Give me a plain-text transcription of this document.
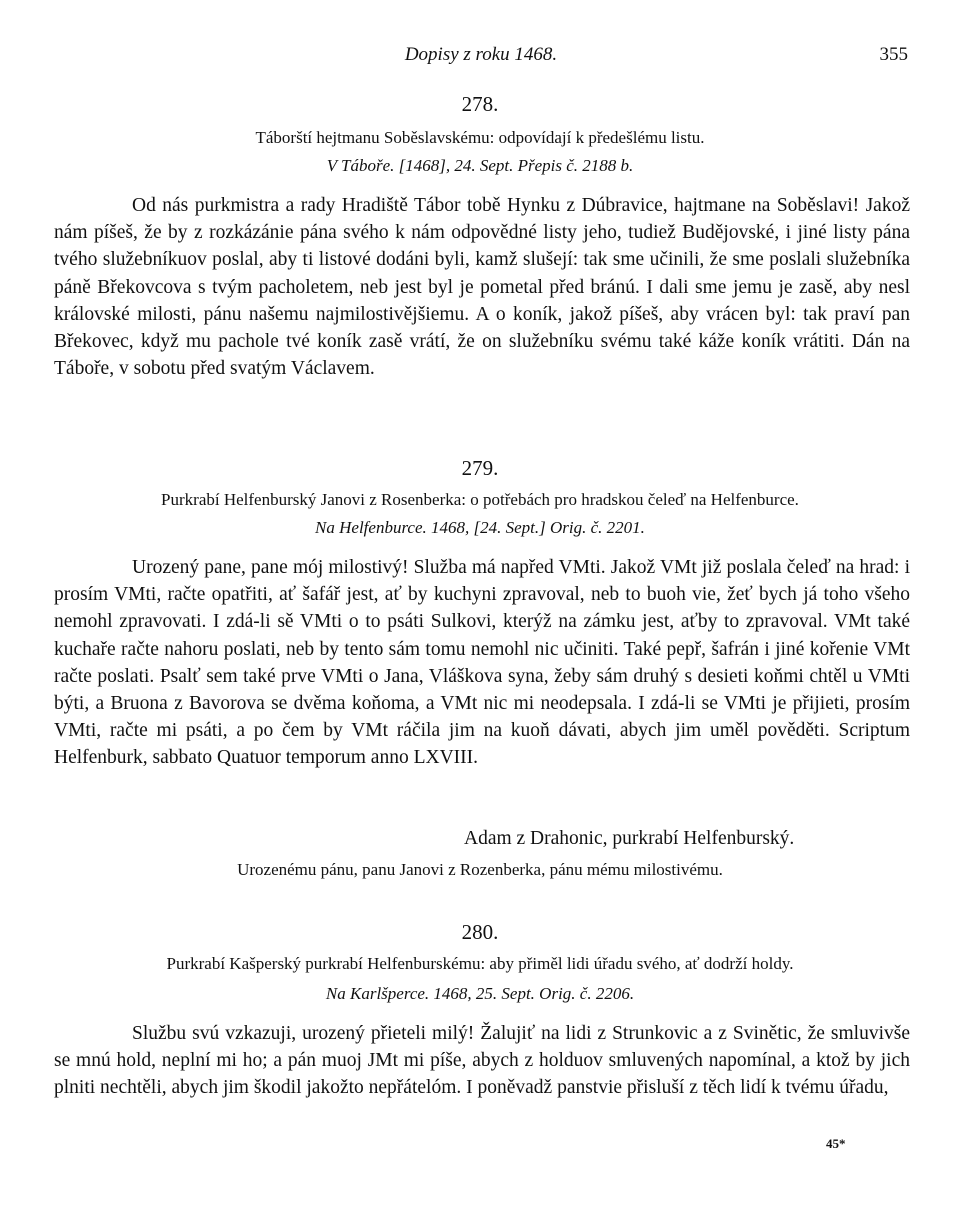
Dopisy z roku 1468.	355
278.
Táborští hejtmanu Soběslavskému: odpovídají k předešlému listu.
V Táboře. [1468], 24. Sept. Přepis č. 2188 b.

Od nás purkmistra a rady Hradiště Tábor tobě Hynku z Dúbravice, hajtmane na Soběslavi! Jakož nám píšeš, že by z rozkázánie pána svého k nám odpovědné listy jeho, tudiež Budějovské, i jiné listy pána tvého služebníkuov poslal, aby ti listové dodáni byli, kamž slušejí: tak sme učinili, že sme poslali služebníka páně Břekovcova s tvým pacholetem, neb jest byl je pometal před bránú. I dali sme jemu je zasě, aby nesl královské milosti, pánu našemu najmilostivějšiemu. A o koník, jakož píšeš, aby vrácen byl: tak praví pan Břekovec, když mu pachole tvé koník zasě vrátí, že on služebníku svému také káže koník vrátiti. Dán na Táboře, v sobotu před svatým Václavem.

279.
Purkrabí Helfenburský Janovi z Rosenberka: o potřebách pro hradskou čeleď na Helfenburce.
Na Helfenburce. 1468, [24. Sept.] Orig. č. 2201.

Urozený pane, pane mój milostivý! Služba má napřed VMti. Jakož VMt již poslala čeleď na hrad: i prosím VMti, račte opatřiti, ať šafář jest, ať by kuchyni zpravoval, neb to buoh vie, žeť bych já toho všeho nemohl zpravovati. I zdá-li sě VMti o to psáti Sulkovi, kterýž na zámku jest, aťby to zpravoval. VMt také kuchaře račte nahoru poslati, neb by tento sám tomu nemohl nic učiniti. Také pepř, šafrán i jiné kořenie VMt račte poslati. Psalť sem také prve VMti o Jana, Vláškova syna, žeby sám druhý s desieti koňmi chtěl u VMti býti, a Bruona z Bavorova se dvěma koňoma, a VMt nic mi neodepsala. I zdá-li se VMti je přijieti, prosím VMti, račte mi psáti, a po čem by VMt ráčila jim na kuoň dávati, abych jim uměl pověděti. Scriptum Helfenburk, sabbato Quatuor temporum anno LXVIII.

Adam z Drahonic, purkrabí Helfenburský.
Urozenému pánu, panu Janovi z Rozenberka, pánu mému milostivému.
280.
Purkrabí Kašperský purkrabí Helfenburskému: aby přiměl lidi úřadu svého, ať dodrží holdy.
Na Karlšperce. 1468, 25. Sept. Orig. č. 2206.

Službu svú vzkazuji, urozený přieteli milý! Žalujiť na lidi z Strunkovic a z Svinětic, že smluvivše se mnú hold, neplní mi ho; a pán muoj JMt mi píše, abych z holduov smluvených napomínal, a ktož by jich plniti nechtěli, abych jim škodil jakožto nepřátelóm. I poněvadž panstvie přisluší z těch lidí k tvému úřadu,

45*
